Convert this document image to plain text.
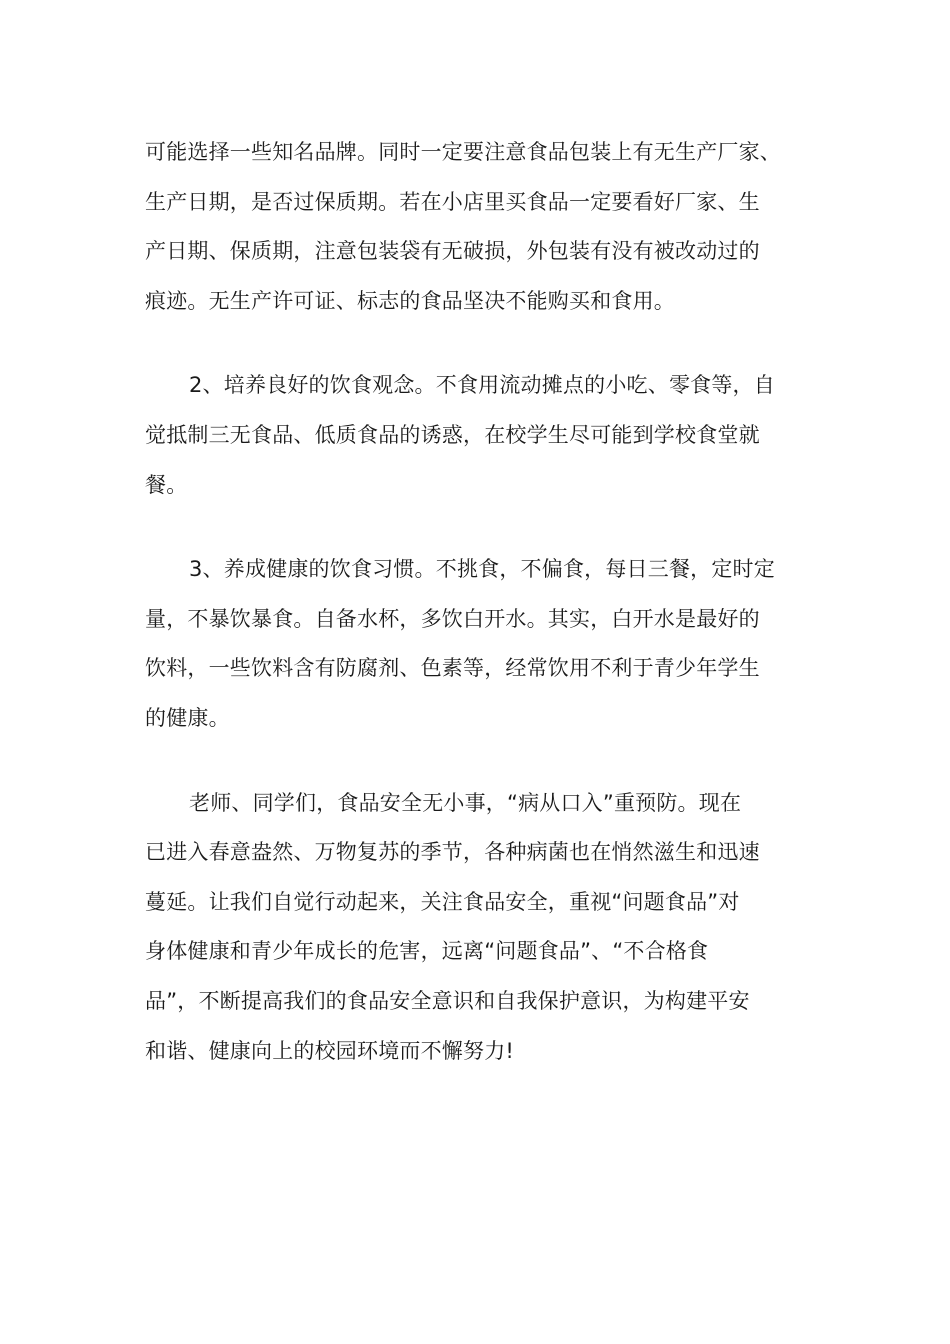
可能选择一些知名品牌。同时一定要注意食品包装上有无生产厂家、
生产日期，是否过保质期。若在小店里买食品一定要看好厂家、生
产日期、保质期，注意包装袋有无破损，外包装有没有被改动过的
痕迹。无生产许可证、标志的食品坚决不能购买和食用。

2、培养良好的饮食观念。不食用流动摊点的小吃、零食等，自
觉抵制三无食品、低质食品的诱惑，在校学生尽可能到学校食堂就
餐。

3、养成健康的饮食习惯。不挑食，不偏食，每日三餐，定时定
量，不暴饮暴食。自备水杯，多饮白开水。其实，白开水是最好的
饮料，一些饮料含有防腐剂、色素等，经常饮用不利于青少年学生
的健康。

老师、同学们，食品安全无小事，“病从口入”重预防。现在
已进入春意盎然、万物复苏的季节，各种病菌也在悄然滋生和迅速
蔓延。让我们自觉行动起来，关注食品安全，重视“问题食品”对
身体健康和青少年成长的危害，远离“问题食品”、“不合格食
品”，不断提高我们的食品安全意识和自我保护意识，为构建平安
和谐、健康向上的校园环境而不懈努力!
